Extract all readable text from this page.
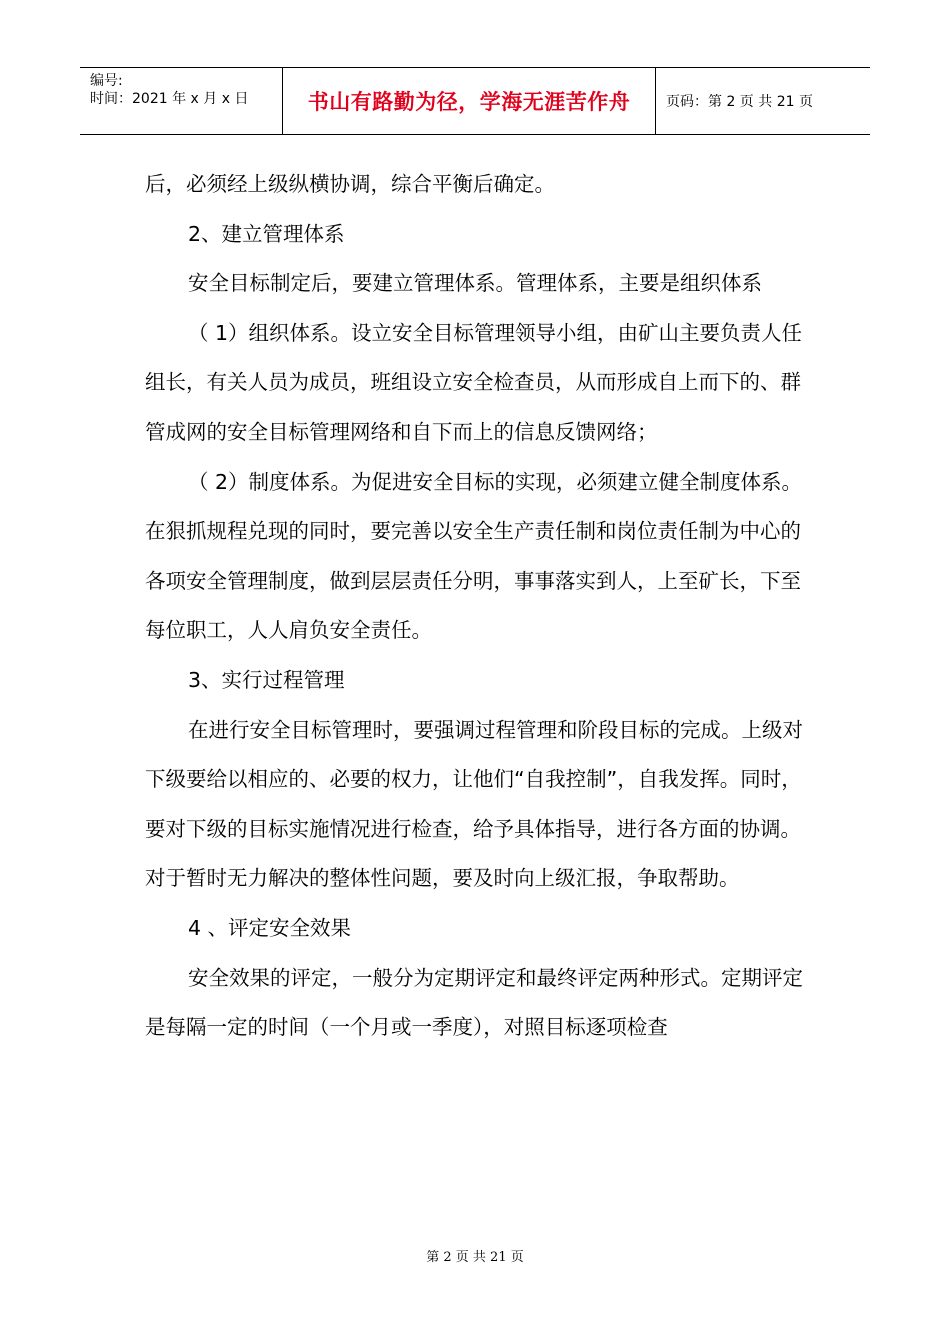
编号:
时间：2021 年 x 月 x 日	书山有路勤为径，学海无涯苦作舟	页码：第 2 页 共 21 页

后，必须经上级纵横协调，综合平衡后确定。

2、建立管理体系

安全目标制定后，要建立管理体系。管理体系，主要是组织体系

（ 1）组织体系。设立安全目标管理领导小组，由矿山主要负责人任组长，有关人员为成员，班组设立安全检查员，从而形成自上而下的、群管成网的安全目标管理网络和自下而上的信息反馈网络；

（ 2）制度体系。为促进安全目标的实现，必须建立健全制度体系。在狠抓规程兑现的同时，要完善以安全生产责任制和岗位责任制为中心的各项安全管理制度，做到层层责任分明，事事落实到人，上至矿长，下至每位职工，人人肩负安全责任。

3、实行过程管理

在进行安全目标管理时，要强调过程管理和阶段目标的完成。上级对下级要给以相应的、必要的权力，让他们“自我控制”，自我发挥。同时，要对下级的目标实施情况进行检查，给予具体指导，进行各方面的协调。对于暂时无力解决的整体性问题，要及时向上级汇报，争取帮助。

4 、评定安全效果

安全效果的评定，一般分为定期评定和最终评定两种形式。定期评定是每隔一定的时间（一个月或一季度），对照目标逐项检查

第 2 页 共 21 页
